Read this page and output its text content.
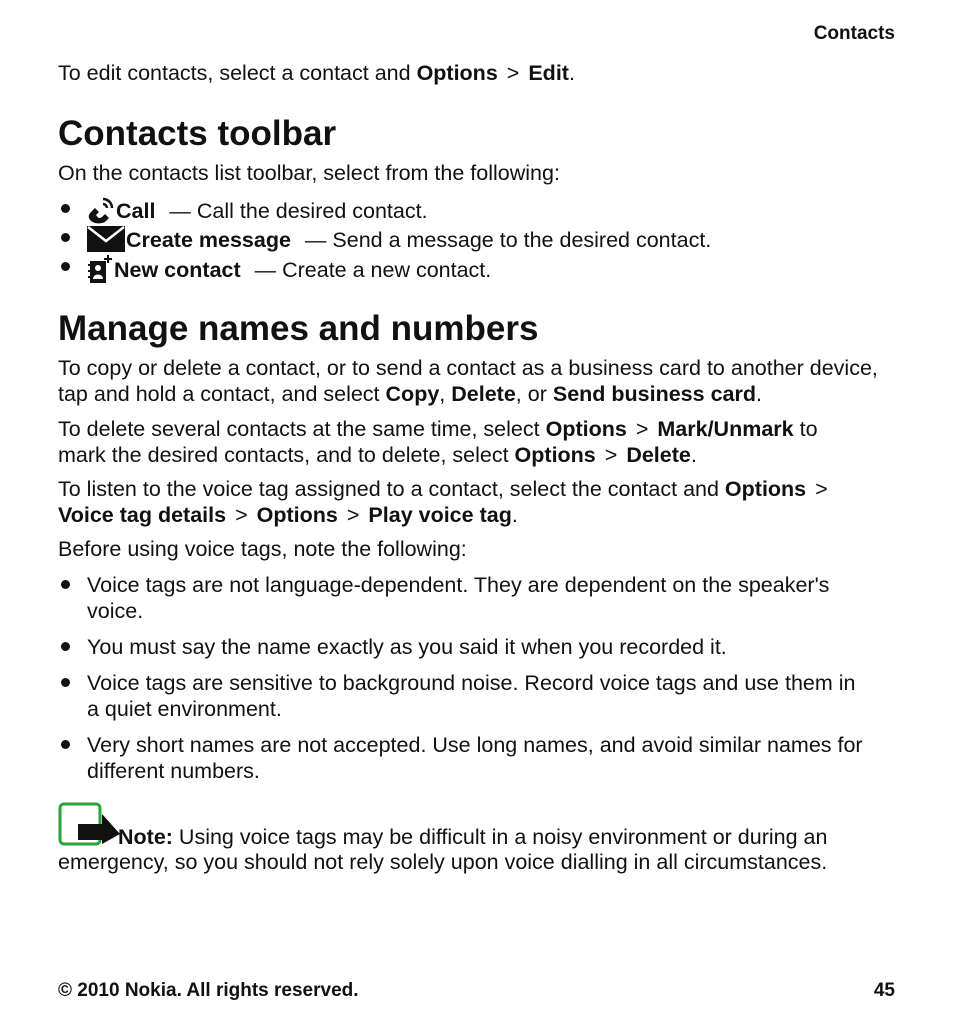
Contacts
To edit contacts, select a contact and Options > Edit.
Contacts toolbar
On the contacts list toolbar, select from the following:
Call — Call the desired contact.
Create message — Send a message to the desired contact.
New contact — Create a new contact.
Manage names and numbers
To copy or delete a contact, or to send a contact as a business card to another device,
tap and hold a contact, and select Copy, Delete, or Send business card.
To delete several contacts at the same time, select Options > Mark/Unmark to
mark the desired contacts, and to delete, select Options > Delete.
To listen to the voice tag assigned to a contact, select the contact and Options >
Voice tag details > Options > Play voice tag.
Before using voice tags, note the following:
Voice tags are not language-dependent. They are dependent on the speaker's
voice.
You must say the name exactly as you said it when you recorded it.
Voice tags are sensitive to background noise. Record voice tags and use them in
a quiet environment.
Very short names are not accepted. Use long names, and avoid similar names for
different numbers.
Note: Using voice tags may be difficult in a noisy environment or during an
emergency, so you should not rely solely upon voice dialling in all circumstances.
© 2010 Nokia. All rights reserved.	45
